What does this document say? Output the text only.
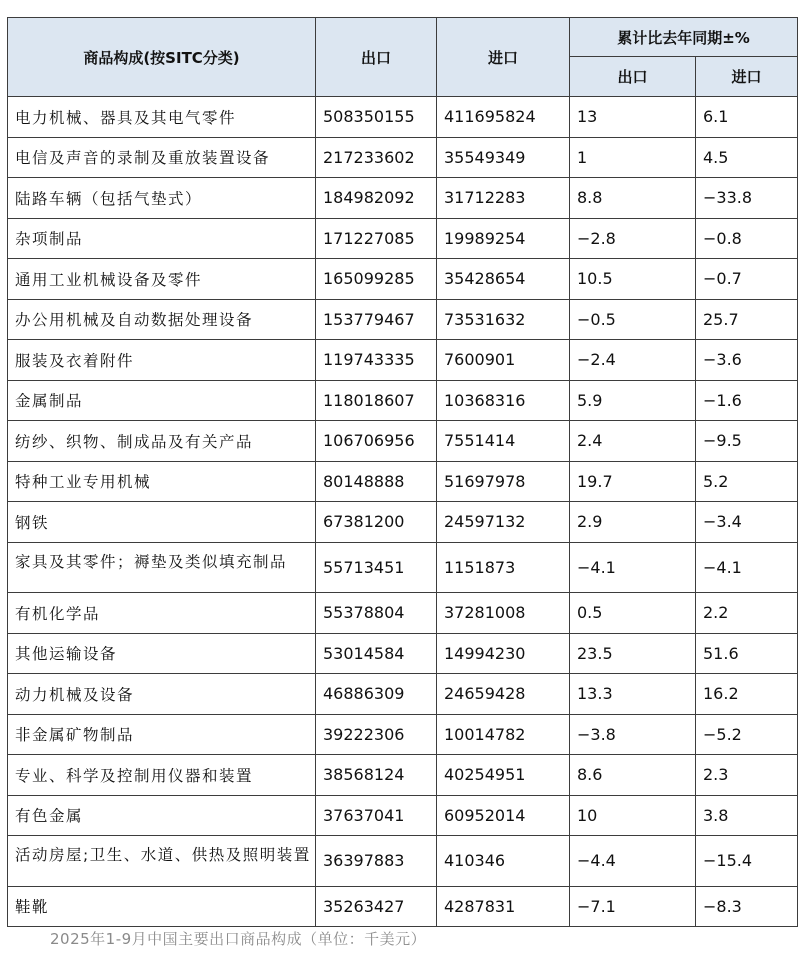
商品构成(按SITC分类)	出口	进口	累计比去年同期±%	
			出口	进口
电力机械、器具及其电气零件	508350155	411695824	13	6.1
电信及声音的录制及重放装置设备	217233602	35549349	1	4.5
陆路车辆（包括气垫式）	184982092	31712283	8.8	−33.8
杂项制品	171227085	19989254	−2.8	−0.8
通用工业机械设备及零件	165099285	35428654	10.5	−0.7
办公用机械及自动数据处理设备	153779467	73531632	−0.5	25.7
服装及衣着附件	119743335	7600901	−2.4	−3.6
金属制品	118018607	10368316	5.9	−1.6
纺纱、织物、制成品及有关产品	106706956	7551414	2.4	−9.5
特种工业专用机械	80148888	51697978	19.7	5.2
钢铁	67381200	24597132	2.9	−3.4

家具及其零件；褥垫及类似填充制品	55713451	1151873	−4.1	−4.1
有机化学品	55378804	37281008	0.5	2.2
其他运输设备	53014584	14994230	23.5	51.6
动力机械及设备	46886309	24659428	13.3	16.2
非金属矿物制品	39222306	10014782	−3.8	−5.2
专业、科学及控制用仪器和装置	38568124	40254951	8.6	2.3
有色金属	37637041	60952014	10	3.8

活动房屋;卫生、水道、供热及照明装置	36397883	410346	−4.4	−15.4
鞋靴	35263427	4287831	−7.1	−8.3
2025年1-9月中国主要出口商品构成（单位：千美元）
